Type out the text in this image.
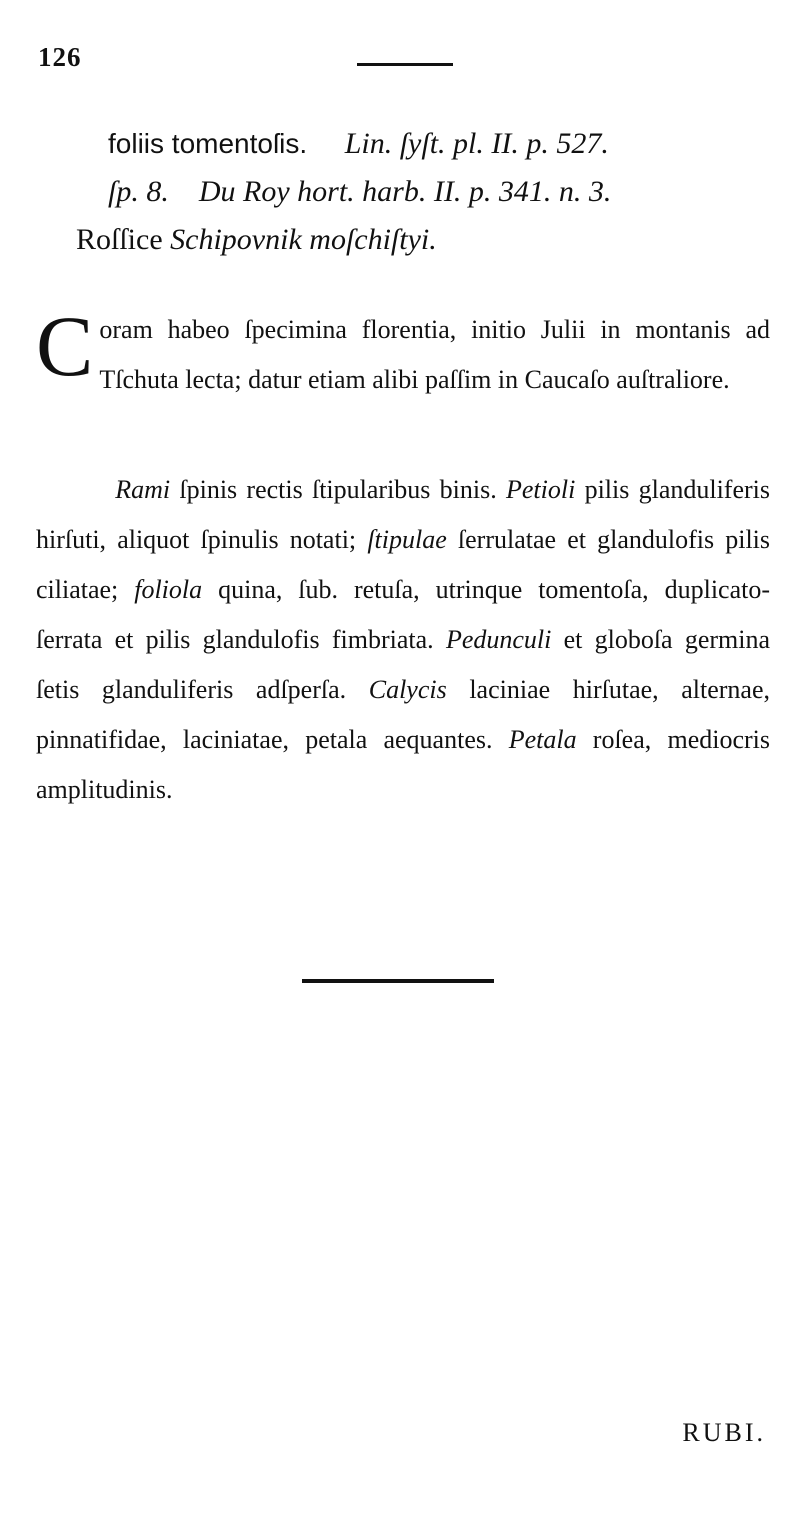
126
foliis tomentoſis. Lin. ſyſt. pl. II. p. 527.
ſp. 8. Du Roy hort. harb. II. p. 341. n. 3.
Roſſice Schipovnik moſchiſtyi.
C oram habeo ſpecimina florentia, initio Julii in montanis ad Tſchuta lecta; datur etiam alibi paſſim in Caucaſo auſtraliore.
Rami ſpinis rectis ſtipularibus binis. Petioli pilis glanduliferis hirſuti, aliquot ſpinulis notati; ſtipulae ſerrulatae et glandulofis pilis ciliatae; foliola quina, ſub. retuſa, utrinque tomentoſa, duplicato-ſerrata et pilis glandulofis fimbriata. Pedunculi et globoſa germina ſetis glanduliferis adſperſa. Calycis laciniae hirſutae, alternae, pinnatifidae, laciniatae, petala aequantes. Petala roſea, mediocris amplitudinis.
RUBI.
